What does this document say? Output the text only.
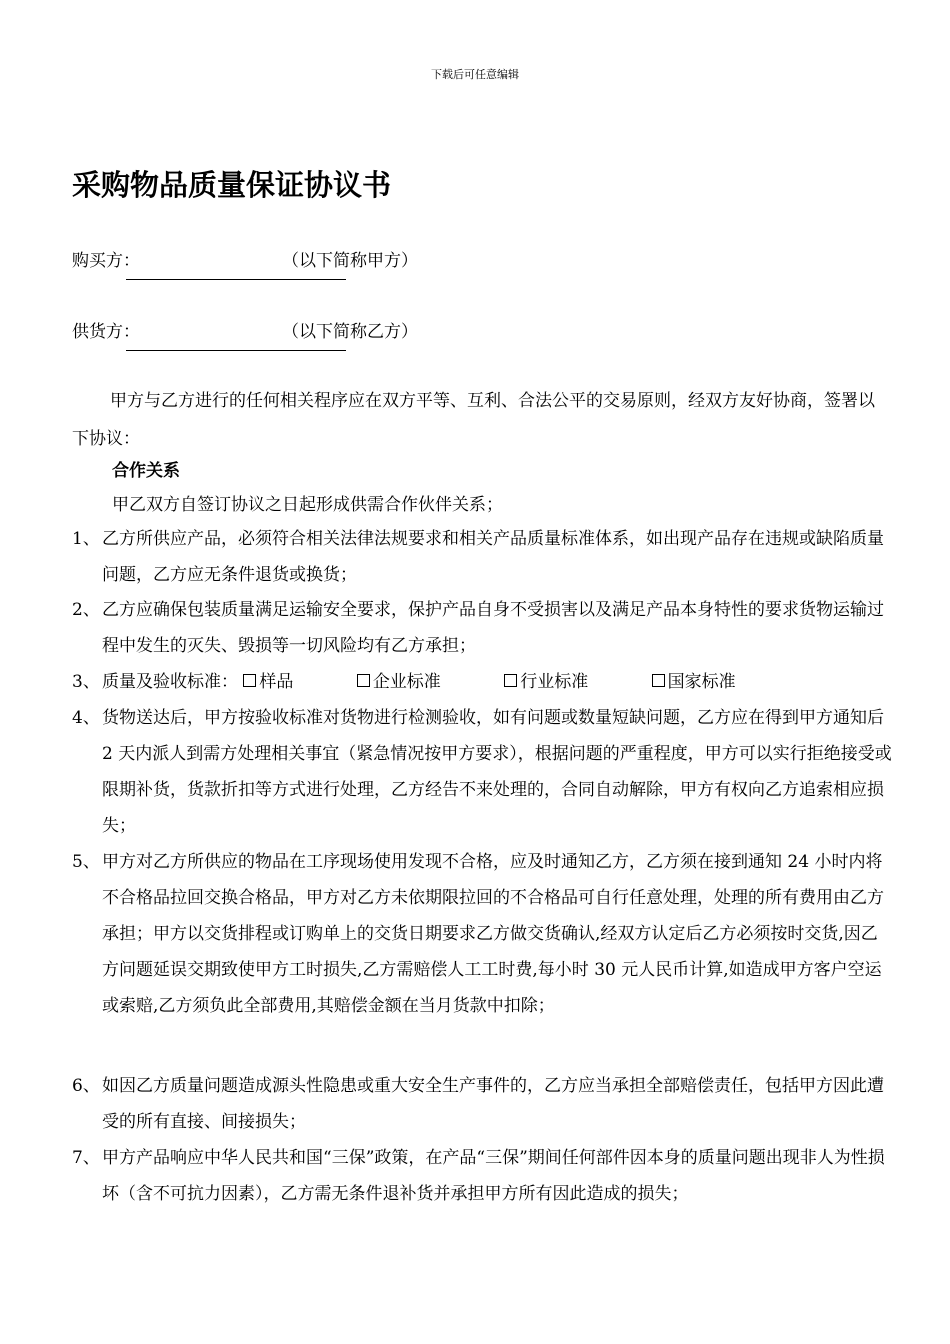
下载后可任意编辑
采购物品质量保证协议书
购买方：	（以下简称甲方）
供货方：	（以下简称乙方）

甲方与乙方进行的任何相关程序应在双方平等、互利、合法公平的交易原则，经双方友好协商，签署以下协议：

合作关系
甲乙双方自签订协议之日起形成供需合作伙伴关系；
1、 乙方所供应产品，必须符合相关法律法规要求和相关产品质量标准体系，如出现产品存在违规或缺陷质量问题，乙方应无条件退货或换货；
2、 乙方应确保包装质量满足运输安全要求，保护产品自身不受损害以及满足产品本身特性的要求货物运输过程中发生的灭失、毁损等一切风险均有乙方承担；
3、 质量及验收标准： 样品	企业标准	行业标准	国家标准
4、 货物送达后，甲方按验收标准对货物进行检测验收，如有问题或数量短缺问题，乙方应在得到甲方通知后 2 天内派人到需方处理相关事宜（紧急情况按甲方要求），根据问题的严重程度，甲方可以实行拒绝接受或限期补货，货款折扣等方式进行处理，乙方经告不来处理的，合同自动解除，甲方有权向乙方追索相应损失；
5、 甲方对乙方所供应的物品在工序现场使用发现不合格，应及时通知乙方，乙方须在接到通知 24 小时内将不合格品拉回交换合格品，甲方对乙方未依期限拉回的不合格品可自行任意处理，处理的所有费用由乙方承担；甲方以交货排程或订购单上的交货日期要求乙方做交货确认,经双方认定后乙方必须按时交货,因乙方问题延误交期致使甲方工时损失,乙方需赔偿人工工时费,每小时 30 元人民币计算,如造成甲方客户空运或索赔,乙方须负此全部费用,其赔偿金额在当月货款中扣除；
6、 如因乙方质量问题造成源头性隐患或重大安全生产事件的，乙方应当承担全部赔偿责任，包括甲方因此遭受的所有直接、间接损失；
7、 甲方产品响应中华人民共和国“三保”政策，在产品“三保”期间任何部件因本身的质量问题出现非人为性损坏（含不可抗力因素），乙方需无条件退补货并承担甲方所有因此造成的损失；
